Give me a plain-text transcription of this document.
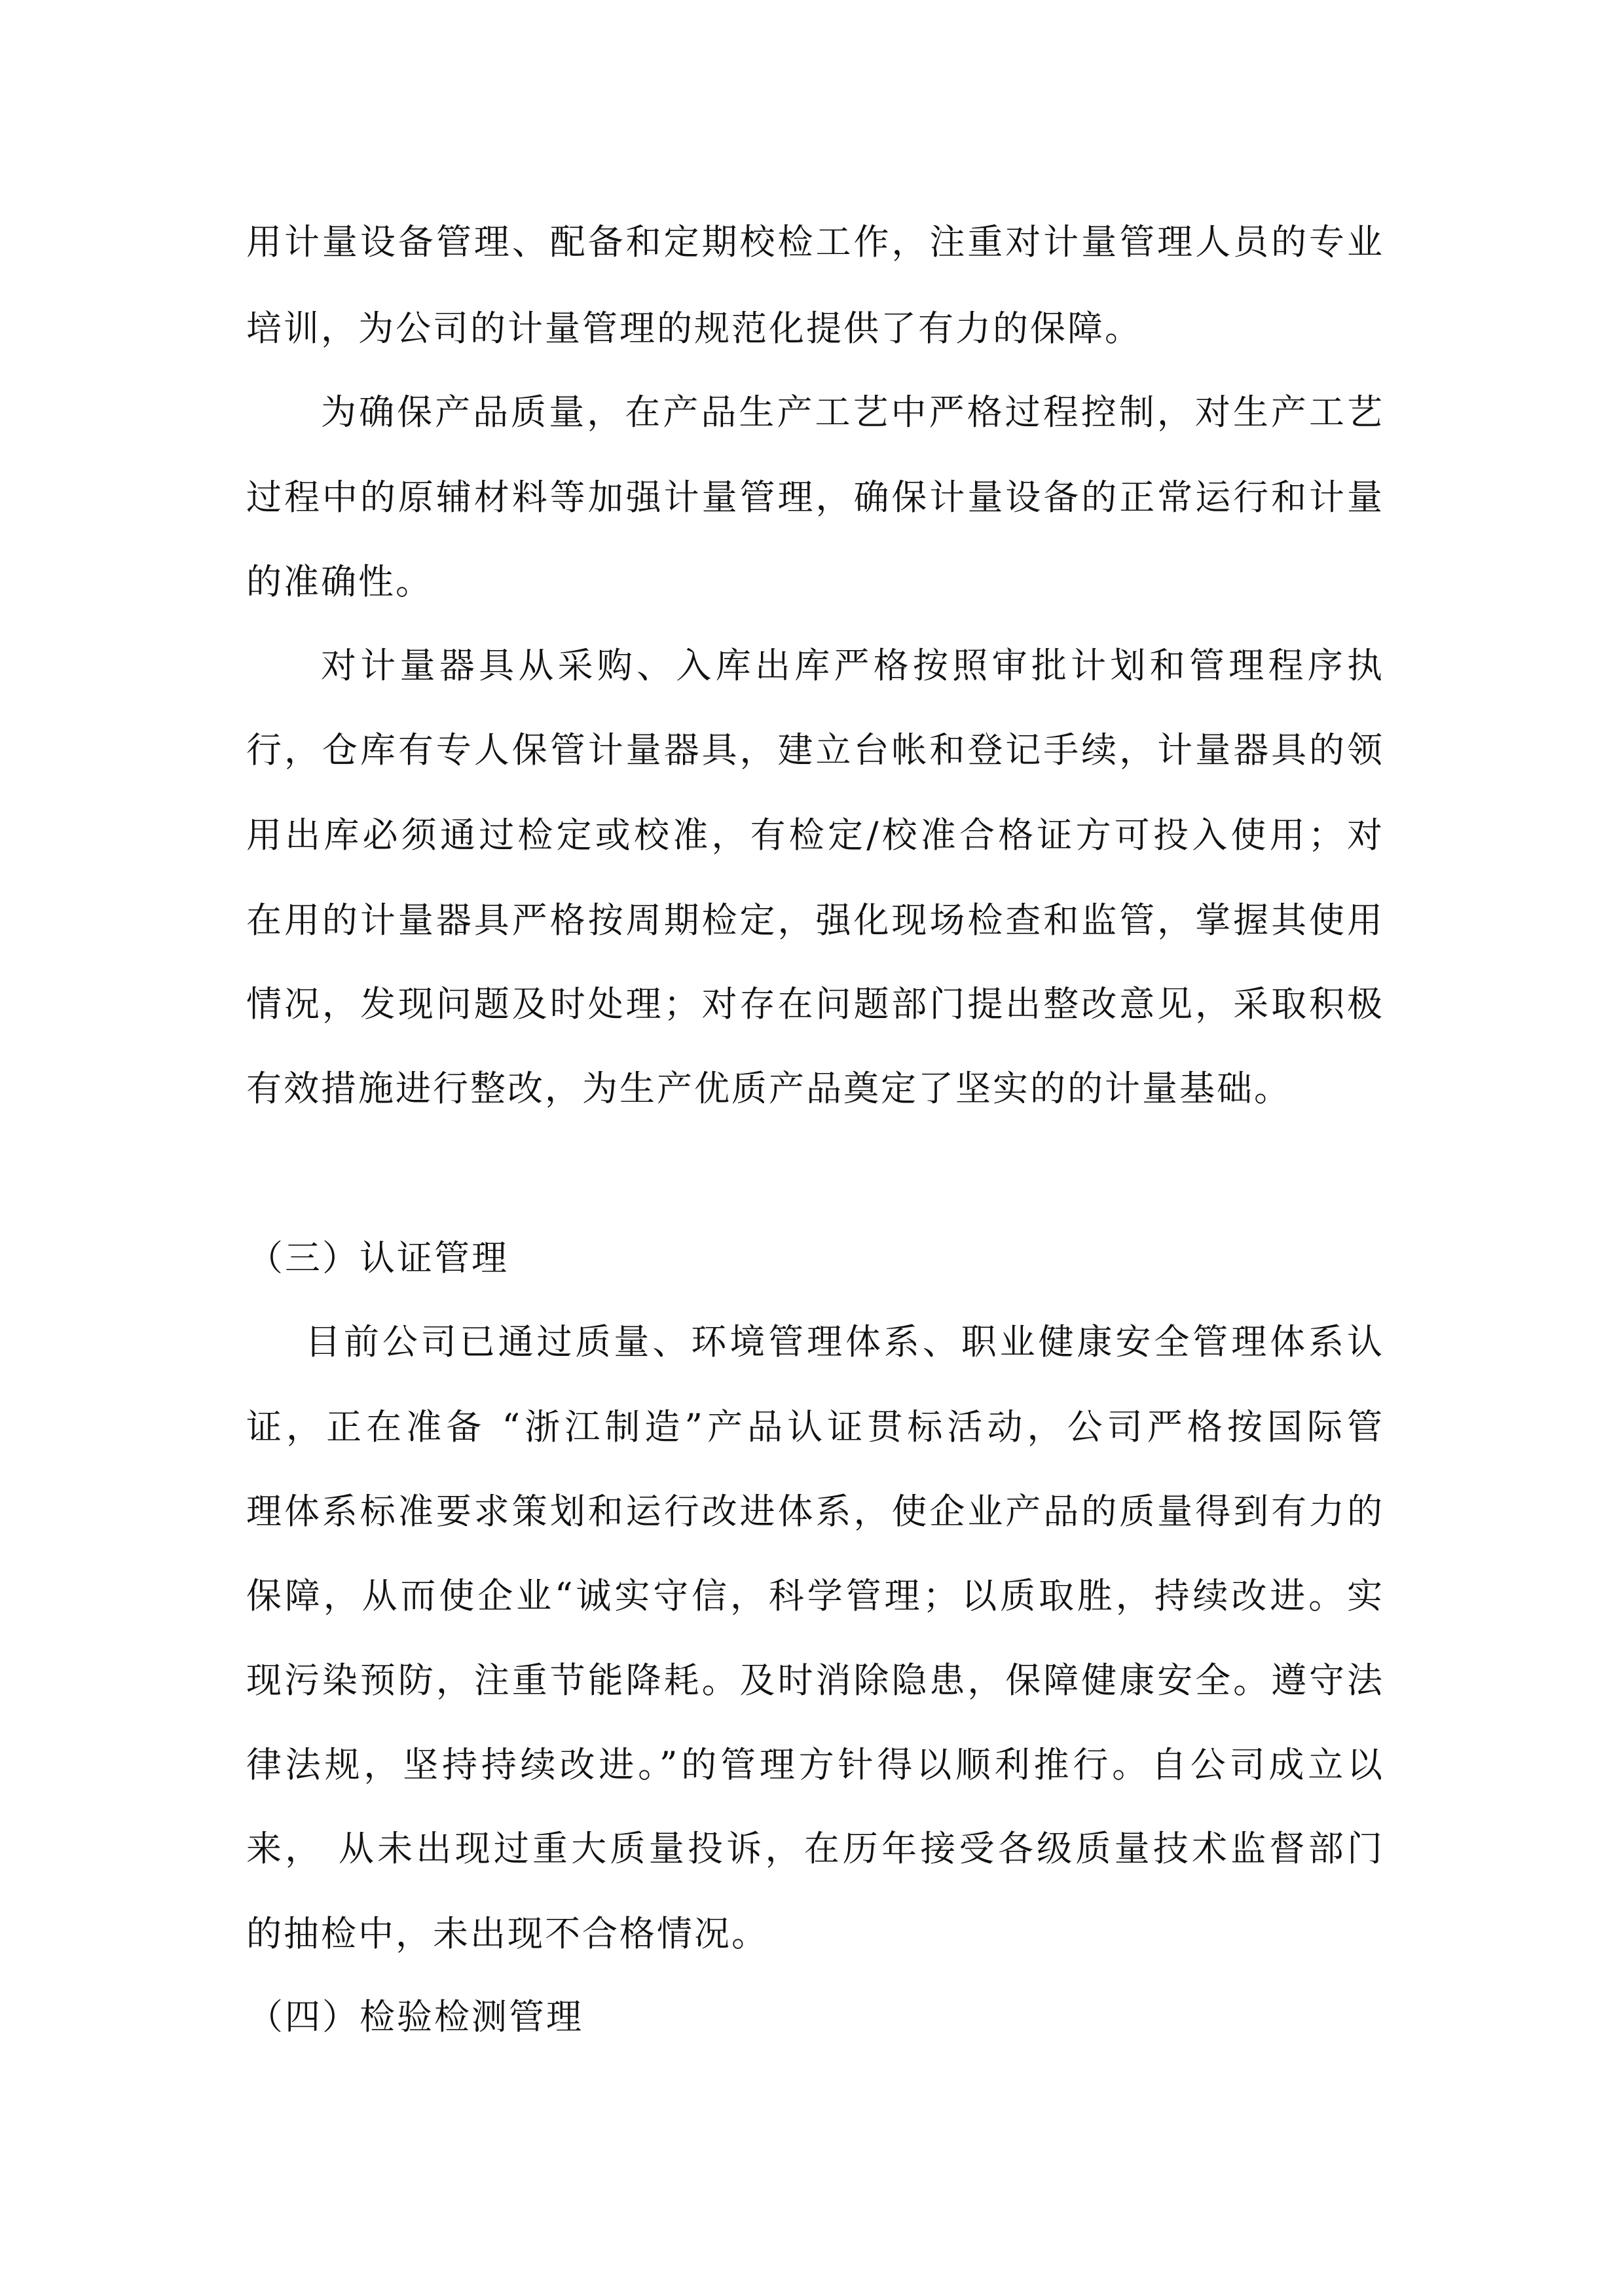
用计量设备管理、配备和定期校检工作，注重对计量管理人员的专业
培训，为公司的计量管理的规范化提供了有力的保障。
为确保产品质量，在产品生产工艺中严格过程控制，对生产工艺
过程中的原辅材料等加强计量管理，确保计量设备的正常运行和计量
的准确性。
对计量器具从采购、入库出库严格按照审批计划和管理程序执
行，仓库有专人保管计量器具，建立台帐和登记手续，计量器具的领
用出库必须通过检定或校准，有检定/校准合格证方可投入使用；对
在用的计量器具严格按周期检定，强化现场检查和监管，掌握其使用
情况，发现问题及时处理；对存在问题部门提出整改意见，采取积极
有效措施进行整改，为生产优质产品奠定了坚实的的计量基础。
（三）认证管理
目前公司已通过质量、环境管理体系、职业健康安全管理体系认
证，正在准备 “浙江制造”产品认证贯标活动，公司严格按国际管
理体系标准要求策划和运行改进体系，使企业产品的质量得到有力的
保障，从而使企业“诚实守信，科学管理；以质取胜，持续改进。实
现污染预防，注重节能降耗。及时消除隐患，保障健康安全。遵守法
律法规，坚持持续改进。”的管理方针得以顺利推行。自公司成立以
来， 从未出现过重大质量投诉，在历年接受各级质量技术监督部门
的抽检中，未出现不合格情况。
（四）检验检测管理
